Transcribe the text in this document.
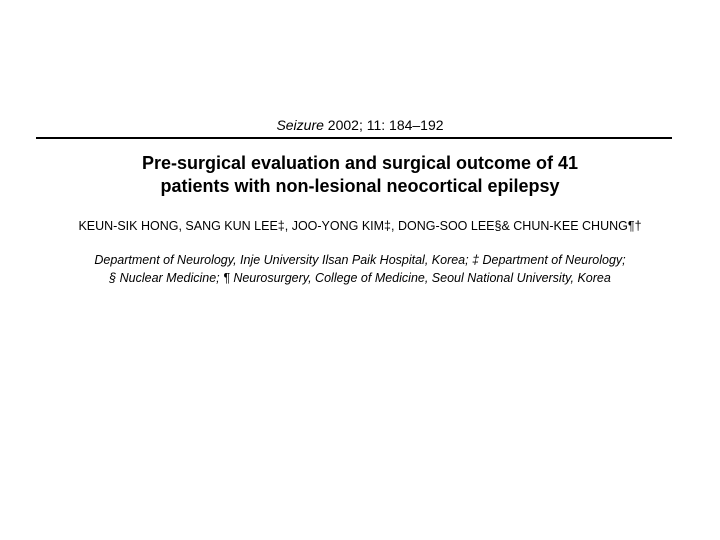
Seizure 2002; 11: 184–192
Pre-surgical evaluation and surgical outcome of 41
patients with non-lesional neocortical epilepsy
KEUN-SIK HONG, SANG KUN LEE‡, JOO-YONG KIM‡, DONG-SOO LEE§& CHUN-KEE CHUNG¶†
Department of Neurology, Inje University Ilsan Paik Hospital, Korea; ‡ Department of Neurology;
§ Nuclear Medicine; ¶ Neurosurgery, College of Medicine, Seoul National University, Korea
